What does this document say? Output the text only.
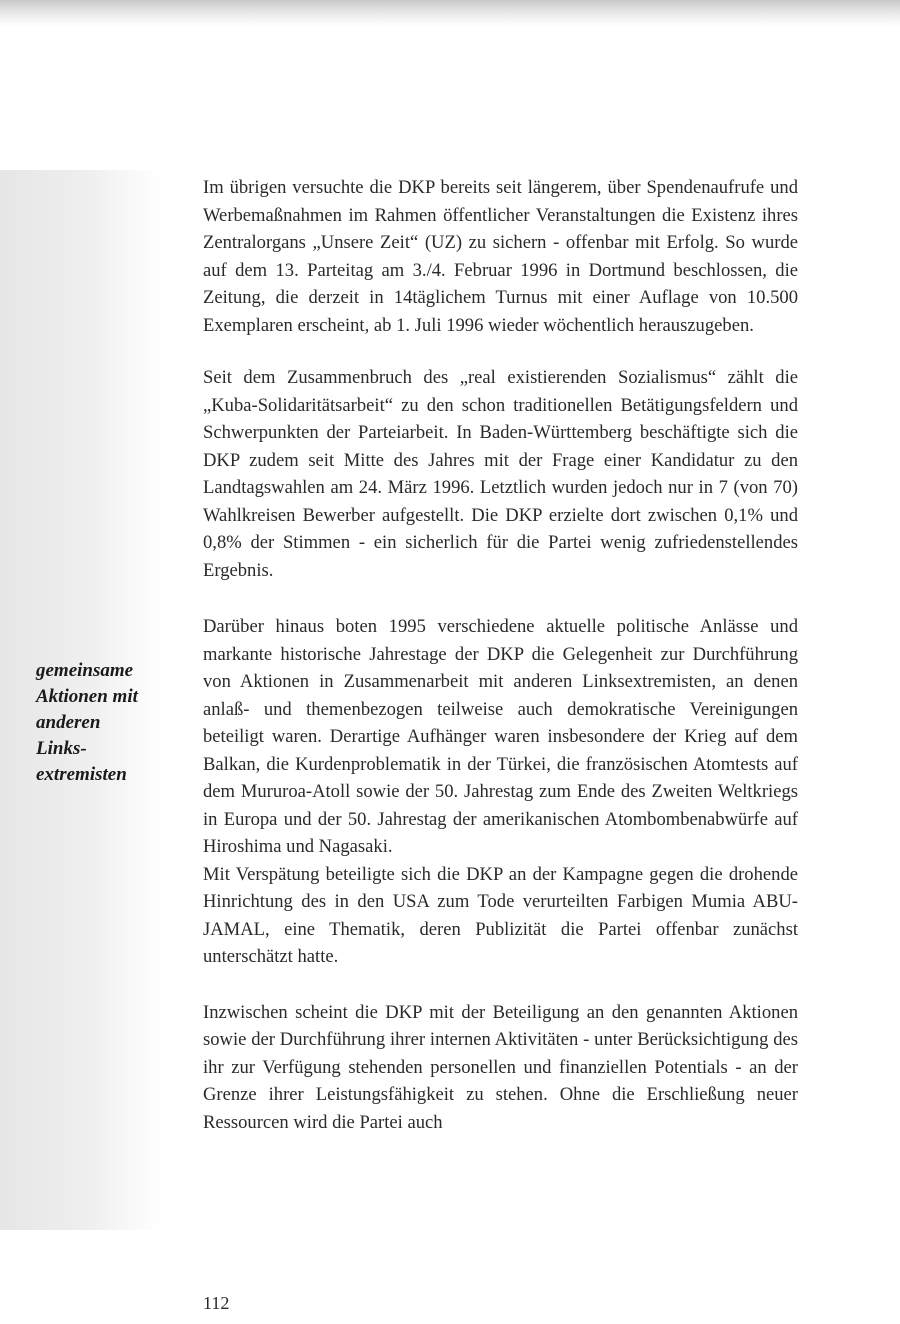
gemeinsame
Aktionen mit
anderen
Links-
extremisten

Im übrigen versuchte die DKP bereits seit längerem, über Spendenaufrufe und Werbemaßnahmen im Rahmen öffentlicher Veranstaltungen die Existenz ihres Zentralorgans „Unsere Zeit“ (UZ) zu sichern - offenbar mit Erfolg. So wurde auf dem 13. Parteitag am 3./4. Februar 1996 in Dortmund beschlossen, die Zeitung, die derzeit in 14täglichem Turnus mit einer Auflage von 10.500 Exemplaren erscheint, ab 1. Juli 1996 wieder wöchentlich herauszugeben.

Seit dem Zusammenbruch des „real existierenden Sozialismus“ zählt die „Kuba-Solidaritätsarbeit“ zu den schon traditionellen Betätigungsfeldern und Schwerpunkten der Parteiarbeit. In Baden-Württemberg beschäftigte sich die DKP zudem seit Mitte des Jahres mit der Frage einer Kandidatur zu den Landtagswahlen am 24. März 1996. Letztlich wurden jedoch nur in 7 (von 70) Wahlkreisen Bewerber aufgestellt. Die DKP erzielte dort zwischen 0,1% und 0,8% der Stimmen - ein sicherlich für die Partei wenig zufriedenstellendes Ergebnis.

Darüber hinaus boten 1995 verschiedene aktuelle politische Anlässe und markante historische Jahrestage der DKP die Gelegenheit zur Durchführung von Aktionen in Zusammenarbeit mit anderen Linksextremisten, an denen anlaß- und themenbezogen teilweise auch demokratische Vereinigungen beteiligt waren. Derartige Aufhänger waren insbesondere der Krieg auf dem Balkan, die Kurdenproblematik in der Türkei, die französischen Atomtests auf dem Mururoa-Atoll sowie der 50. Jahrestag zum Ende des Zweiten Weltkriegs in Europa und der 50. Jahrestag der amerikanischen Atombombenabwürfe auf Hiroshima und Nagasaki.

Mit Verspätung beteiligte sich die DKP an der Kampagne gegen die drohende Hinrichtung des in den USA zum Tode verurteilten Farbigen Mumia ABU-JAMAL, eine Thematik, deren Publizität die Partei offenbar zunächst unterschätzt hatte.

Inzwischen scheint die DKP mit der Beteiligung an den genannten Aktionen sowie der Durchführung ihrer internen Aktivitäten - unter Berücksichtigung des ihr zur Verfügung stehenden personellen und finanziellen Potentials - an der Grenze ihrer Leistungsfähigkeit zu stehen. Ohne die Erschließung neuer Ressourcen wird die Partei auch

112
